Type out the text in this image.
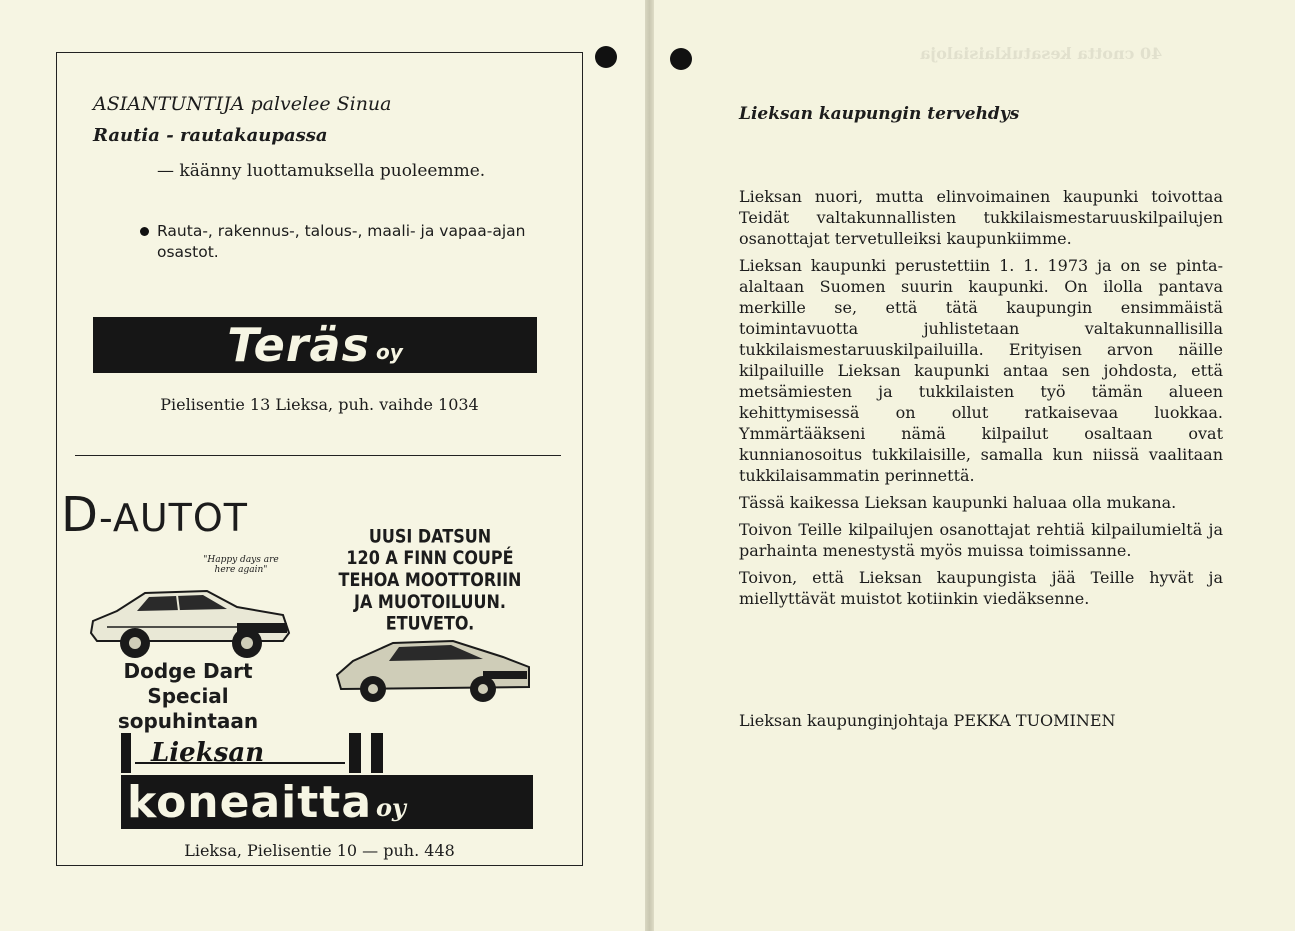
ASIANTUNTIJA palvelee Sinua
Rautia - rautakaupassa
— käänny luottamuksella puoleemme.
Rauta-, rakennus-, talous-, maali- ja vapaa-ajan osastot.
Teräs oy
Pielisentie 13 Lieksa, puh. vaihde 1034
D-AUTOT
"Happy days are here again"
UUSI DATSUN
120 A FINN COUPÉ
TEHOA MOOTTORIIN
JA MUOTOILUUN.
ETUVETO.
Dodge Dart Special
sopuhintaan
Lieksan
koneaitta oy
Lieksa, Pielisentie 10 — puh. 448
40 cnotta kesatuklaisialoja
Lieksan kaupungin tervehdys

Lieksan nuori, mutta elinvoimainen kaupunki toivottaa Teidät valtakunnallisten tukkilaismestaruuskilpailujen osanottajat tervetulleiksi kaupunkiimme.

Lieksan kaupunki perustettiin 1. 1. 1973 ja on se pinta-alaltaan Suomen suurin kaupunki. On ilolla pantava merkille se, että tätä kaupungin ensimmäistä toimintavuotta juhlistetaan valtakunnallisilla tukkilaismestaruuskilpailuilla. Erityisen arvon näille kilpailuille Lieksan kaupunki antaa sen johdosta, että metsämiesten ja tukkilaisten työ tämän alueen kehittymisessä on ollut ratkaisevaa luokkaa. Ymmärtääkseni nämä kilpailut osaltaan ovat kunnianosoitus tukkilaisille, samalla kun niissä vaalitaan tukkilaisammatin perinnettä.

Tässä kaikessa Lieksan kaupunki haluaa olla mukana.

Toivon Teille kilpailujen osanottajat rehtiä kilpailumieltä ja parhainta menestystä myös muissa toimissanne.

Toivon, että Lieksan kaupungista jää Teille hyvät ja miellyttävät muistot kotiinkin viedäksenne.

Lieksan kaupunginjohtaja PEKKA TUOMINEN
